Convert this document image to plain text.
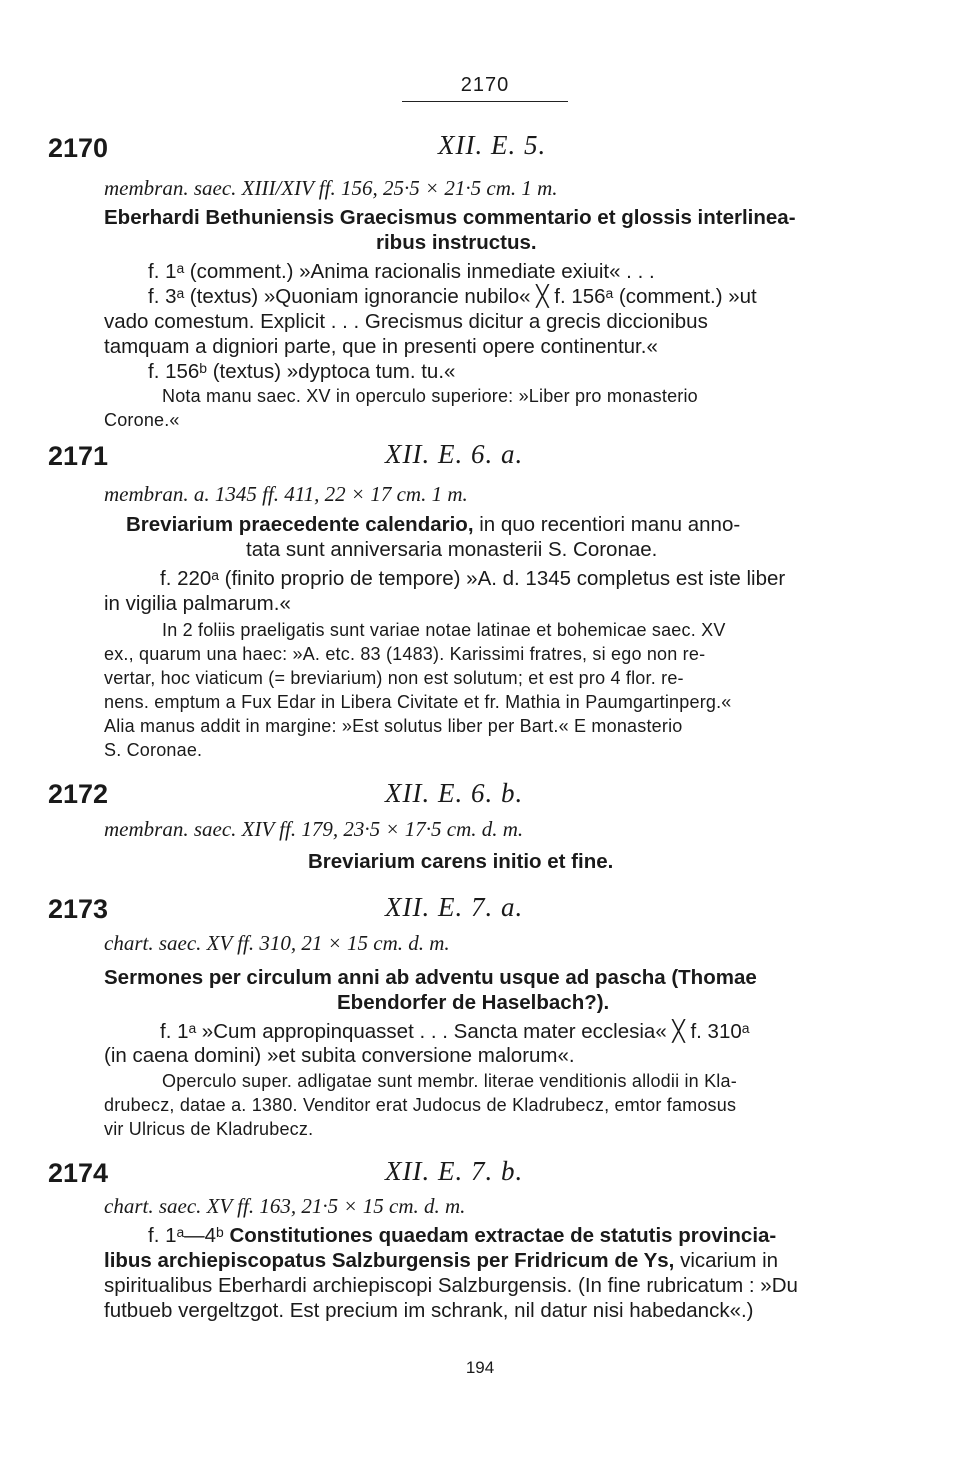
2170
2170	XII. E. 5.
membran. saec. XIII/XIV ff. 156, 25·5 × 21·5 cm. 1 m.
Eberhardi Bethuniensis Graecismus commentario et glossis interlinea-
ribus instructus.
f. 1ᵃ (comment.) »Anima racionalis inmediate exiuit« . . .
f. 3ᵃ (textus) »Quoniam ignorancie nubilo« ╳ f. 156ᵃ (comment.) »ut
vado comestum. Explicit . . . Grecismus dicitur a grecis diccionibus
tamquam a digniori parte, que in presenti opere continentur.«
f. 156ᵇ (textus) »dyptoca tum. tu.«
Nota manu saec. XV in operculo superiore: »Liber pro monasterio
Corone.«
2171	XII. E. 6. a.
membran. a. 1345 ff. 411, 22 × 17 cm. 1 m.
Breviarium praecedente calendario, in quo recentiori manu anno-
tata sunt anniversaria monasterii S. Coronae.
f. 220ᵃ (finito proprio de tempore) »A. d. 1345 completus est iste liber
in vigilia palmarum.«
In 2 foliis praeligatis sunt variae notae latinae et bohemicae saec. XV
ex., quarum una haec: »A. etc. 83 (1483). Karissimi fratres, si ego non re-
vertar, hoc viaticum (= breviarium) non est solutum; et est pro 4 flor. re-
nens. emptum a Fux Edar in Libera Civitate et fr. Mathia in Paumgartinperg.«
Alia manus addit in margine: »Est solutus liber per Bart.« E monasterio
S. Coronae.
2172	XII. E. 6. b.
membran. saec. XIV ff. 179, 23·5 × 17·5 cm. d. m.
Breviarium carens initio et fine.
2173	XII. E. 7. a.
chart. saec. XV ff. 310, 21 × 15 cm. d. m.
Sermones per circulum anni ab adventu usque ad pascha (Thomae
Ebendorfer de Haselbach?).
f. 1ᵃ »Cum appropinquasset . . . Sancta mater ecclesia« ╳ f. 310ᵃ
(in caena domini) »et subita conversione malorum«.
Operculo super. adligatae sunt membr. literae venditionis allodii in Kla-
drubecz, datae a. 1380. Venditor erat Judocus de Kladrubecz, emtor famosus
vir Ulricus de Kladrubecz.
2174	XII. E. 7. b.
chart. saec. XV ff. 163, 21·5 × 15 cm. d. m.
f. 1ᵃ—4ᵇ Constitutiones quaedam extractae de statutis provincia-
libus archiepiscopatus Salzburgensis per Fridricum de Ys, vicarium in
spiritualibus Eberhardi archiepiscopi Salzburgensis. (In fine rubricatum : »Du
futbueb vergeltzgot. Est precium im schrank, nil datur nisi habedanck«.)
194
